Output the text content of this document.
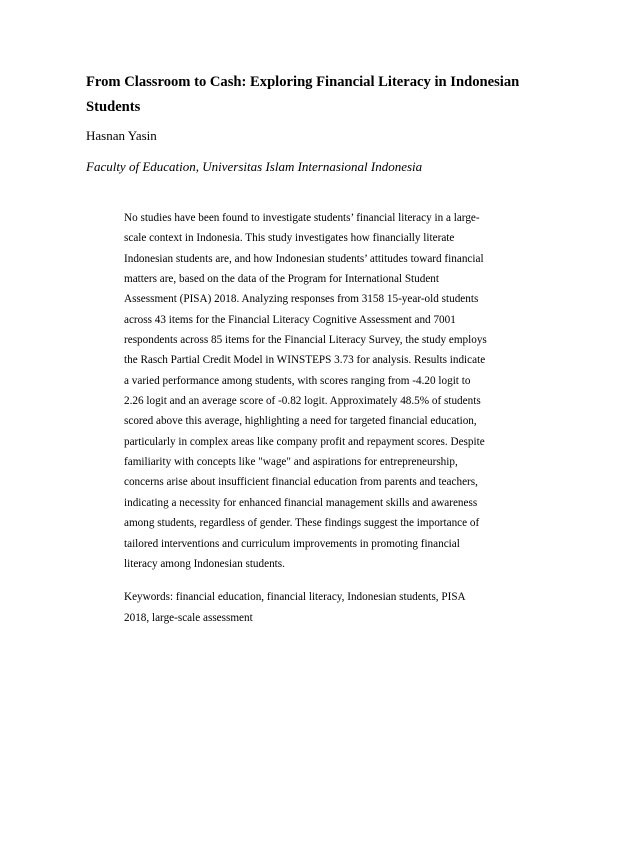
From Classroom to Cash: Exploring Financial Literacy in Indonesian
Students

Hasnan Yasin

Faculty of Education, Universitas Islam Internasional Indonesia

No studies have been found to investigate students’ financial literacy in a large-
scale context in Indonesia. This study investigates how financially literate
Indonesian students are, and how Indonesian students’ attitudes toward financial
matters are, based on the data of the Program for International Student
Assessment (PISA) 2018. Analyzing responses from 3158 15-year-old students
across 43 items for the Financial Literacy Cognitive Assessment and 7001
respondents across 85 items for the Financial Literacy Survey, the study employs
the Rasch Partial Credit Model in WINSTEPS 3.73 for analysis. Results indicate
a varied performance among students, with scores ranging from -4.20 logit to
2.26 logit and an average score of -0.82 logit. Approximately 48.5% of students
scored above this average, highlighting a need for targeted financial education,
particularly in complex areas like company profit and repayment scores. Despite
familiarity with concepts like "wage" and aspirations for entrepreneurship,
concerns arise about insufficient financial education from parents and teachers,
indicating a necessity for enhanced financial management skills and awareness
among students, regardless of gender. These findings suggest the importance of
tailored interventions and curriculum improvements in promoting financial
literacy among Indonesian students.
Keywords: financial education, financial literacy, Indonesian students, PISA
2018, large-scale assessment
